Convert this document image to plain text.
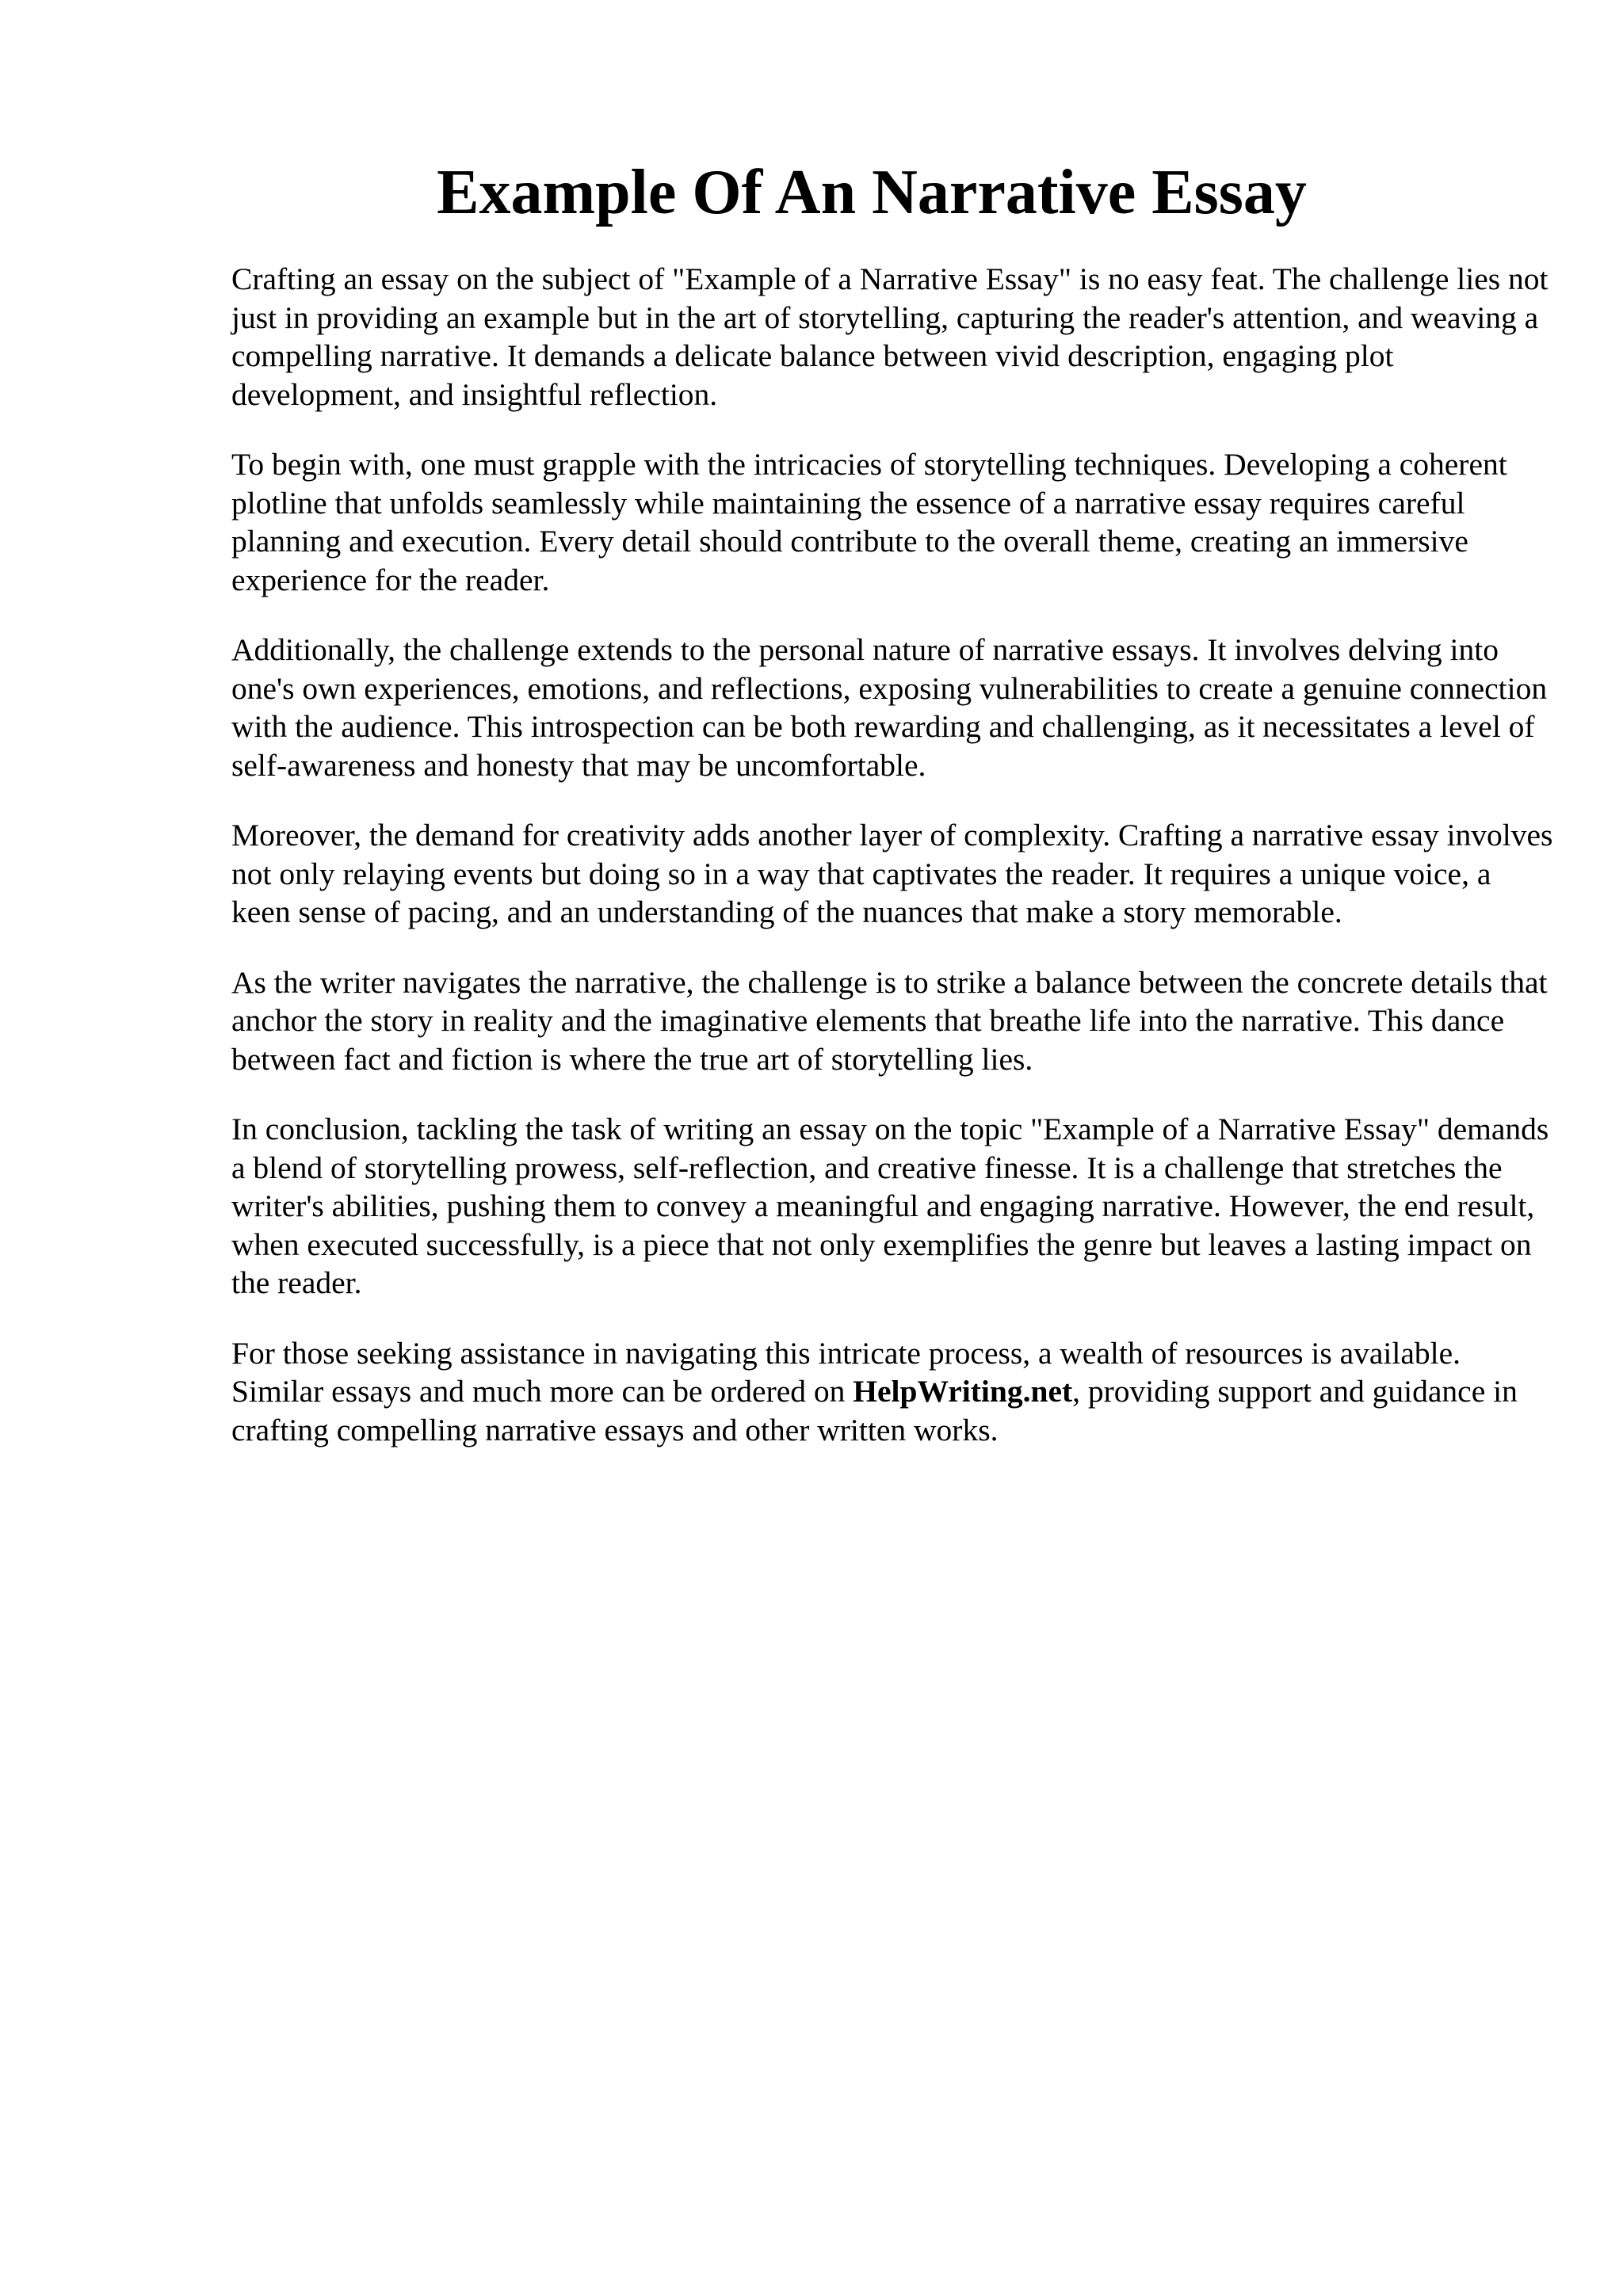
Example Of An Narrative Essay

Crafting an essay on the subject of "Example of a Narrative Essay" is no easy feat. The challenge lies not just in providing an example but in the art of storytelling, capturing the reader's attention, and weaving a compelling narrative. It demands a delicate balance between vivid description, engaging plot development, and insightful reflection.

To begin with, one must grapple with the intricacies of storytelling techniques. Developing a coherent plotline that unfolds seamlessly while maintaining the essence of a narrative essay requires careful planning and execution. Every detail should contribute to the overall theme, creating an immersive experience for the reader.

Additionally, the challenge extends to the personal nature of narrative essays. It involves delving into one's own experiences, emotions, and reflections, exposing vulnerabilities to create a genuine connection with the audience. This introspection can be both rewarding and challenging, as it necessitates a level of self-awareness and honesty that may be uncomfortable.

Moreover, the demand for creativity adds another layer of complexity. Crafting a narrative essay involves not only relaying events but doing so in a way that captivates the reader. It requires a unique voice, a keen sense of pacing, and an understanding of the nuances that make a story memorable.

As the writer navigates the narrative, the challenge is to strike a balance between the concrete details that anchor the story in reality and the imaginative elements that breathe life into the narrative. This dance between fact and fiction is where the true art of storytelling lies.

In conclusion, tackling the task of writing an essay on the topic "Example of a Narrative Essay" demands a blend of storytelling prowess, self-reflection, and creative finesse. It is a challenge that stretches the writer's abilities, pushing them to convey a meaningful and engaging narrative. However, the end result, when executed successfully, is a piece that not only exemplifies the genre but leaves a lasting impact on the reader.

For those seeking assistance in navigating this intricate process, a wealth of resources is available. Similar essays and much more can be ordered on HelpWriting.net, providing support and guidance in crafting compelling narrative essays and other written works.
